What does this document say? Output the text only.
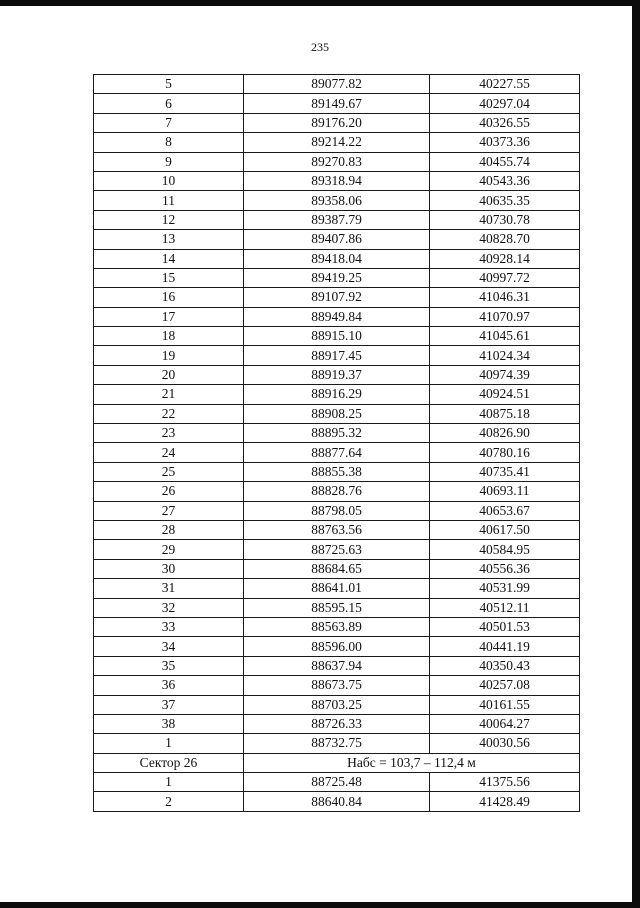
235
5	89077.82	40227.55
6	89149.67	40297.04
7	89176.20	40326.55
8	89214.22	40373.36
9	89270.83	40455.74
10	89318.94	40543.36
11	89358.06	40635.35
12	89387.79	40730.78
13	89407.86	40828.70
14	89418.04	40928.14
15	89419.25	40997.72
16	89107.92	41046.31
17	88949.84	41070.97
18	88915.10	41045.61
19	88917.45	41024.34
20	88919.37	40974.39
21	88916.29	40924.51
22	88908.25	40875.18
23	88895.32	40826.90
24	88877.64	40780.16
25	88855.38	40735.41
26	88828.76	40693.11
27	88798.05	40653.67
28	88763.56	40617.50
29	88725.63	40584.95
30	88684.65	40556.36
31	88641.01	40531.99
32	88595.15	40512.11
33	88563.89	40501.53
34	88596.00	40441.19
35	88637.94	40350.43
36	88673.75	40257.08
37	88703.25	40161.55
38	88726.33	40064.27
1	88732.75	40030.56
Сектор 26	Набс = 103,7 – 112,4 м	
1	88725.48	41375.56
2	88640.84	41428.49
